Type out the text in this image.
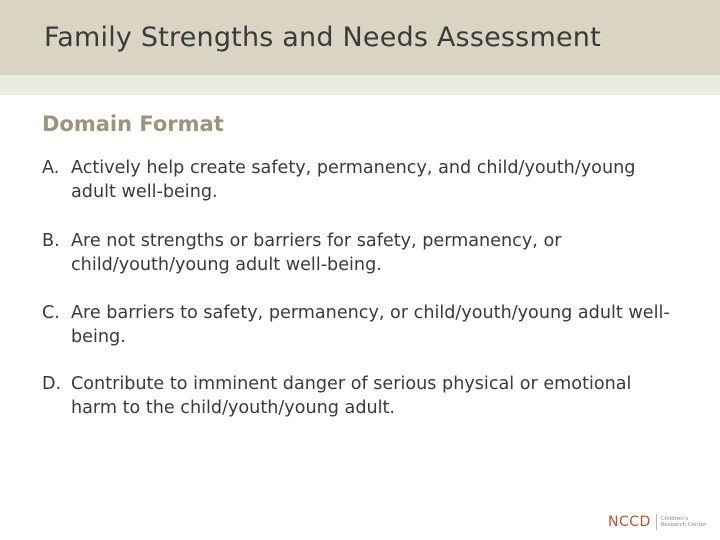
Family Strengths and Needs Assessment
Domain Format
A. Actively help create safety, permanency, and child/youth/young adult well-being.
B. Are not strengths or barriers for safety, permanency, or child/youth/young adult well-being.
C. Are barriers to safety, permanency, or child/youth/young adult well-being.
D. Contribute to imminent danger of serious physical or emotional harm to the child/youth/young adult.
NCCD Children's
Research Center
